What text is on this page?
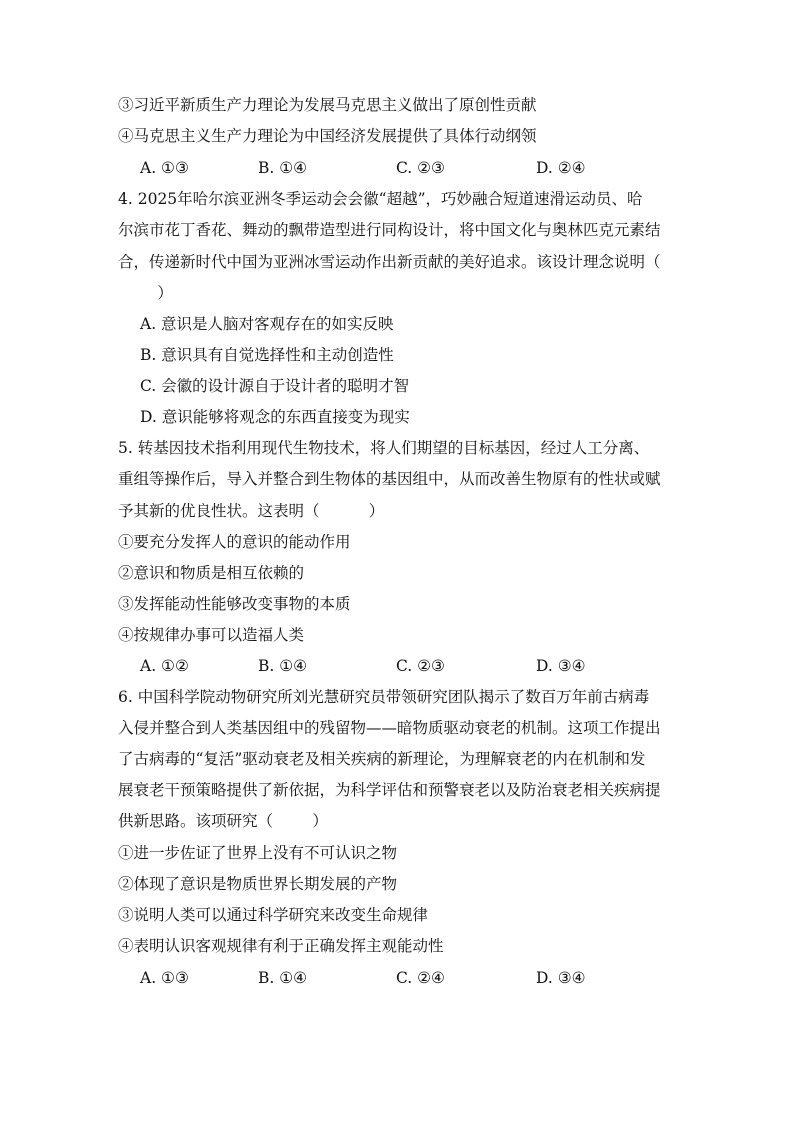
③习近平新质生产力理论为发展马克思主义做出了原创性贡献
④马克思主义生产力理论为中国经济发展提供了具体行动纲领
A. ①③	B. ①④	C. ②③	D. ②④
4. 2025年哈尔滨亚洲冬季运动会会徽“超越”，巧妙融合短道速滑运动员、哈
尔滨市花丁香花、舞动的飘带造型进行同构设计，将中国文化与奥林匹克元素结
合，传递新时代中国为亚洲冰雪运动作出新贡献的美好追求。该设计理念说明（
）
A. 意识是人脑对客观存在的如实反映
B. 意识具有自觉选择性和主动创造性
C. 会徽的设计源自于设计者的聪明才智
D. 意识能够将观念的东西直接变为现实
5. 转基因技术指利用现代生物技术，将人们期望的目标基因，经过人工分离、
重组等操作后，导入并整合到生物体的基因组中，从而改善生物原有的性状或赋
予其新的优良性状。这表明（          ）
①要充分发挥人的意识的能动作用
②意识和物质是相互依赖的
③发挥能动性能够改变事物的本质
④按规律办事可以造福人类
A. ①②	B. ①④	C. ②③	D. ③④
6. 中国科学院动物研究所刘光慧研究员带领研究团队揭示了数百万年前古病毒
入侵并整合到人类基因组中的残留物——暗物质驱动衰老的机制。这项工作提出
了古病毒的“复活”驱动衰老及相关疾病的新理论，为理解衰老的内在机制和发
展衰老干预策略提供了新依据，为科学评估和预警衰老以及防治衰老相关疾病提
供新思路。该项研究（        ）
①进一步佐证了世界上没有不可认识之物
②体现了意识是物质世界长期发展的产物
③说明人类可以通过科学研究来改变生命规律
④表明认识客观规律有利于正确发挥主观能动性
A. ①③	B. ①④	C. ②④	D. ③④
